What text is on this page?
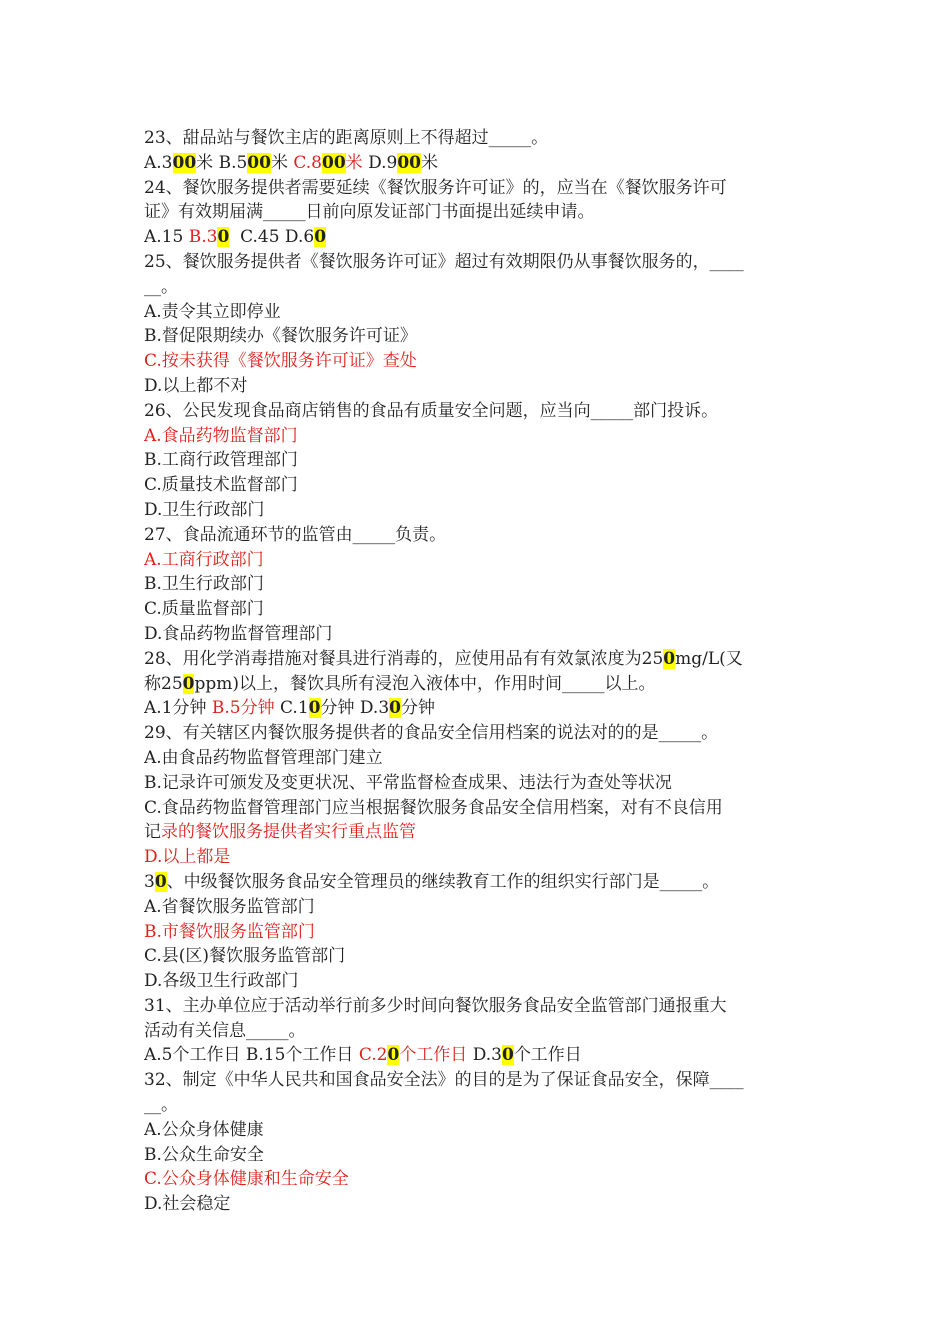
23、甜品站与餐饮主店的距离原则上不得超过_____。
A.300米 B.500米 C.800米 D.900米
24、餐饮服务提供者需要延续《餐饮服务许可证》的，应当在《餐饮服务许可
证》有效期届满_____日前向原发证部门书面提出延续申请。
A.15 B.30  C.45 D.60
25、餐饮服务提供者《餐饮服务许可证》超过有效期限仍从事餐饮服务的，____
__。
A.责令其立即停业
B.督促限期续办《餐饮服务许可证》
C.按未获得《餐饮服务许可证》查处
D.以上都不对
26、公民发现食品商店销售的食品有质量安全问题，应当向_____部门投诉。
A.食品药物监督部门
B.工商行政管理部门
C.质量技术监督部门
D.卫生行政部门
27、食品流通环节的监管由_____负责。
A.工商行政部门
B.卫生行政部门
C.质量监督部门
D.食品药物监督管理部门
28、用化学消毒措施对餐具进行消毒的，应使用品有有效氯浓度为250mg/L(又
称250ppm)以上，餐饮具所有浸泡入液体中，作用时间_____以上。
A.1分钟 B.5分钟 C.10分钟 D.30分钟
29、有关辖区内餐饮服务提供者的食品安全信用档案的说法对的的是_____。
A.由食品药物监督管理部门建立
B.记录许可颁发及变更状况、平常监督检查成果、违法行为查处等状况
C.食品药物监督管理部门应当根据餐饮服务食品安全信用档案，对有不良信用
记录的餐饮服务提供者实行重点监管
D.以上都是
30、中级餐饮服务食品安全管理员的继续教育工作的组织实行部门是_____。
A.省餐饮服务监管部门
B.市餐饮服务监管部门
C.县(区)餐饮服务监管部门
D.各级卫生行政部门
31、主办单位应于活动举行前多少时间向餐饮服务食品安全监管部门通报重大
活动有关信息_____。
A.5个工作日 B.15个工作日 C.20个工作日 D.30个工作日
32、制定《中华人民共和国食品安全法》的目的是为了保证食品安全，保障____
__。
A.公众身体健康
B.公众生命安全
C.公众身体健康和生命安全
D.社会稳定
